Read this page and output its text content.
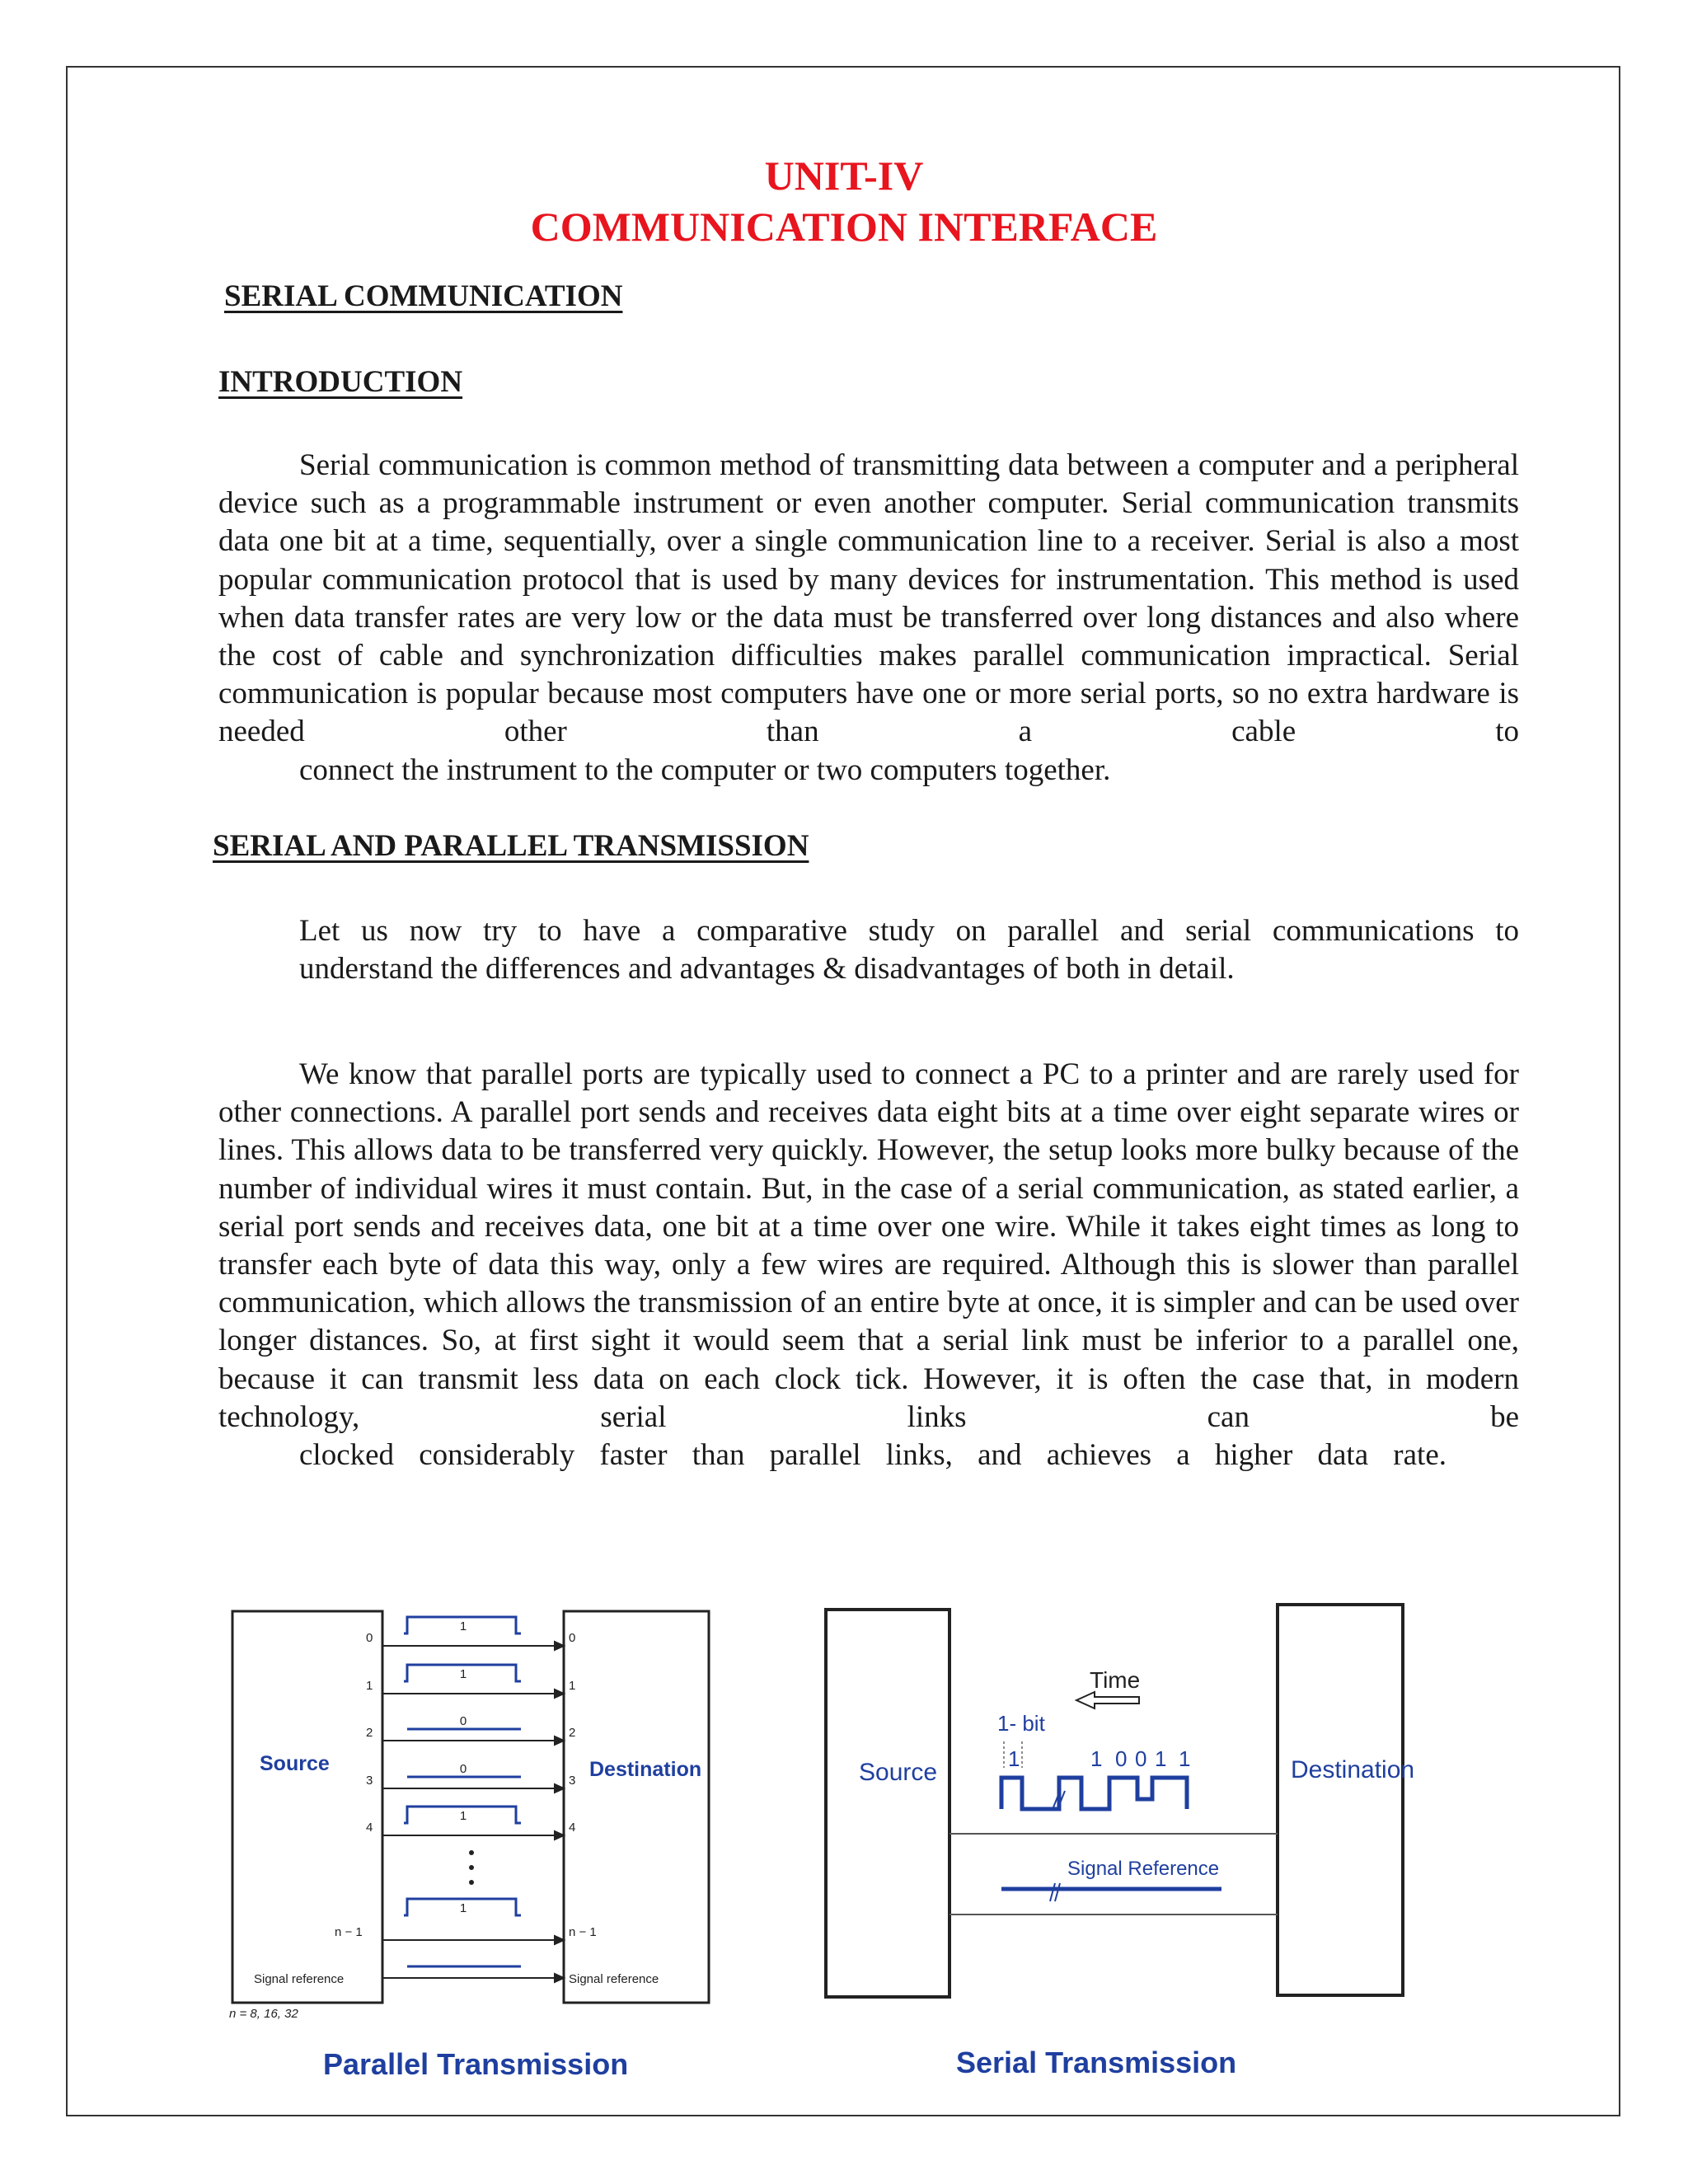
UNIT-IV
COMMUNICATION INTERFACE
SERIAL COMMUNICATION
INTRODUCTION
Serial communication is common method of transmitting data between a computer and a peripheral device such as a programmable instrument or even another computer. Serial communication transmits data one bit at a time, sequentially, over a single communication line to a receiver. Serial is also a most popular communication protocol that is used by many devices for instrumentation. This method is used when data transfer rates are very low or the data must be transferred over long distances and also where the cost of cable and synchronization difficulties makes parallel communication impractical. Serial communication is popular because most computers have one or more serial ports, so no extra hardware is needed other than a cable to
connect the instrument to the computer or two computers together.
SERIAL AND PARALLEL TRANSMISSION
Let us now try to have a comparative study on parallel and serial communications to
understand the differences and advantages & disadvantages of both in detail.
We know that parallel ports are typically used to connect a PC to a printer and are rarely used for other connections. A parallel port sends and receives data eight bits at a time over eight separate wires or lines. This allows data to be transferred very quickly. However, the setup looks more bulky because of the number of individual wires it must contain. But, in the case of a serial communication, as stated earlier, a serial port sends and receives data, one bit at a time over one wire. While it takes eight times as long to transfer each byte of data this way, only a few wires are required. Although this is slower than parallel communication, which allows the transmission of an entire byte at once, it is simpler and can be used over longer distances. So, at first sight it would seem that a serial link must be inferior to a parallel one, because it can transmit less data on each clock tick. However, it is often the case that, in modern technology, serial links can be
clocked considerably faster than parallel links, and achieves a higher data rate.
Source	Destination
1
1
0
0
1
1
0
1
2
3
4
n − 1
0
1
2
3
4
n − 1
Signal reference	Signal reference
n = 8, 16, 32
Parallel Transmission
Source	Destination
Time
1- bit
1	1 0 0 1 1
Signal Reference
Serial Transmission
